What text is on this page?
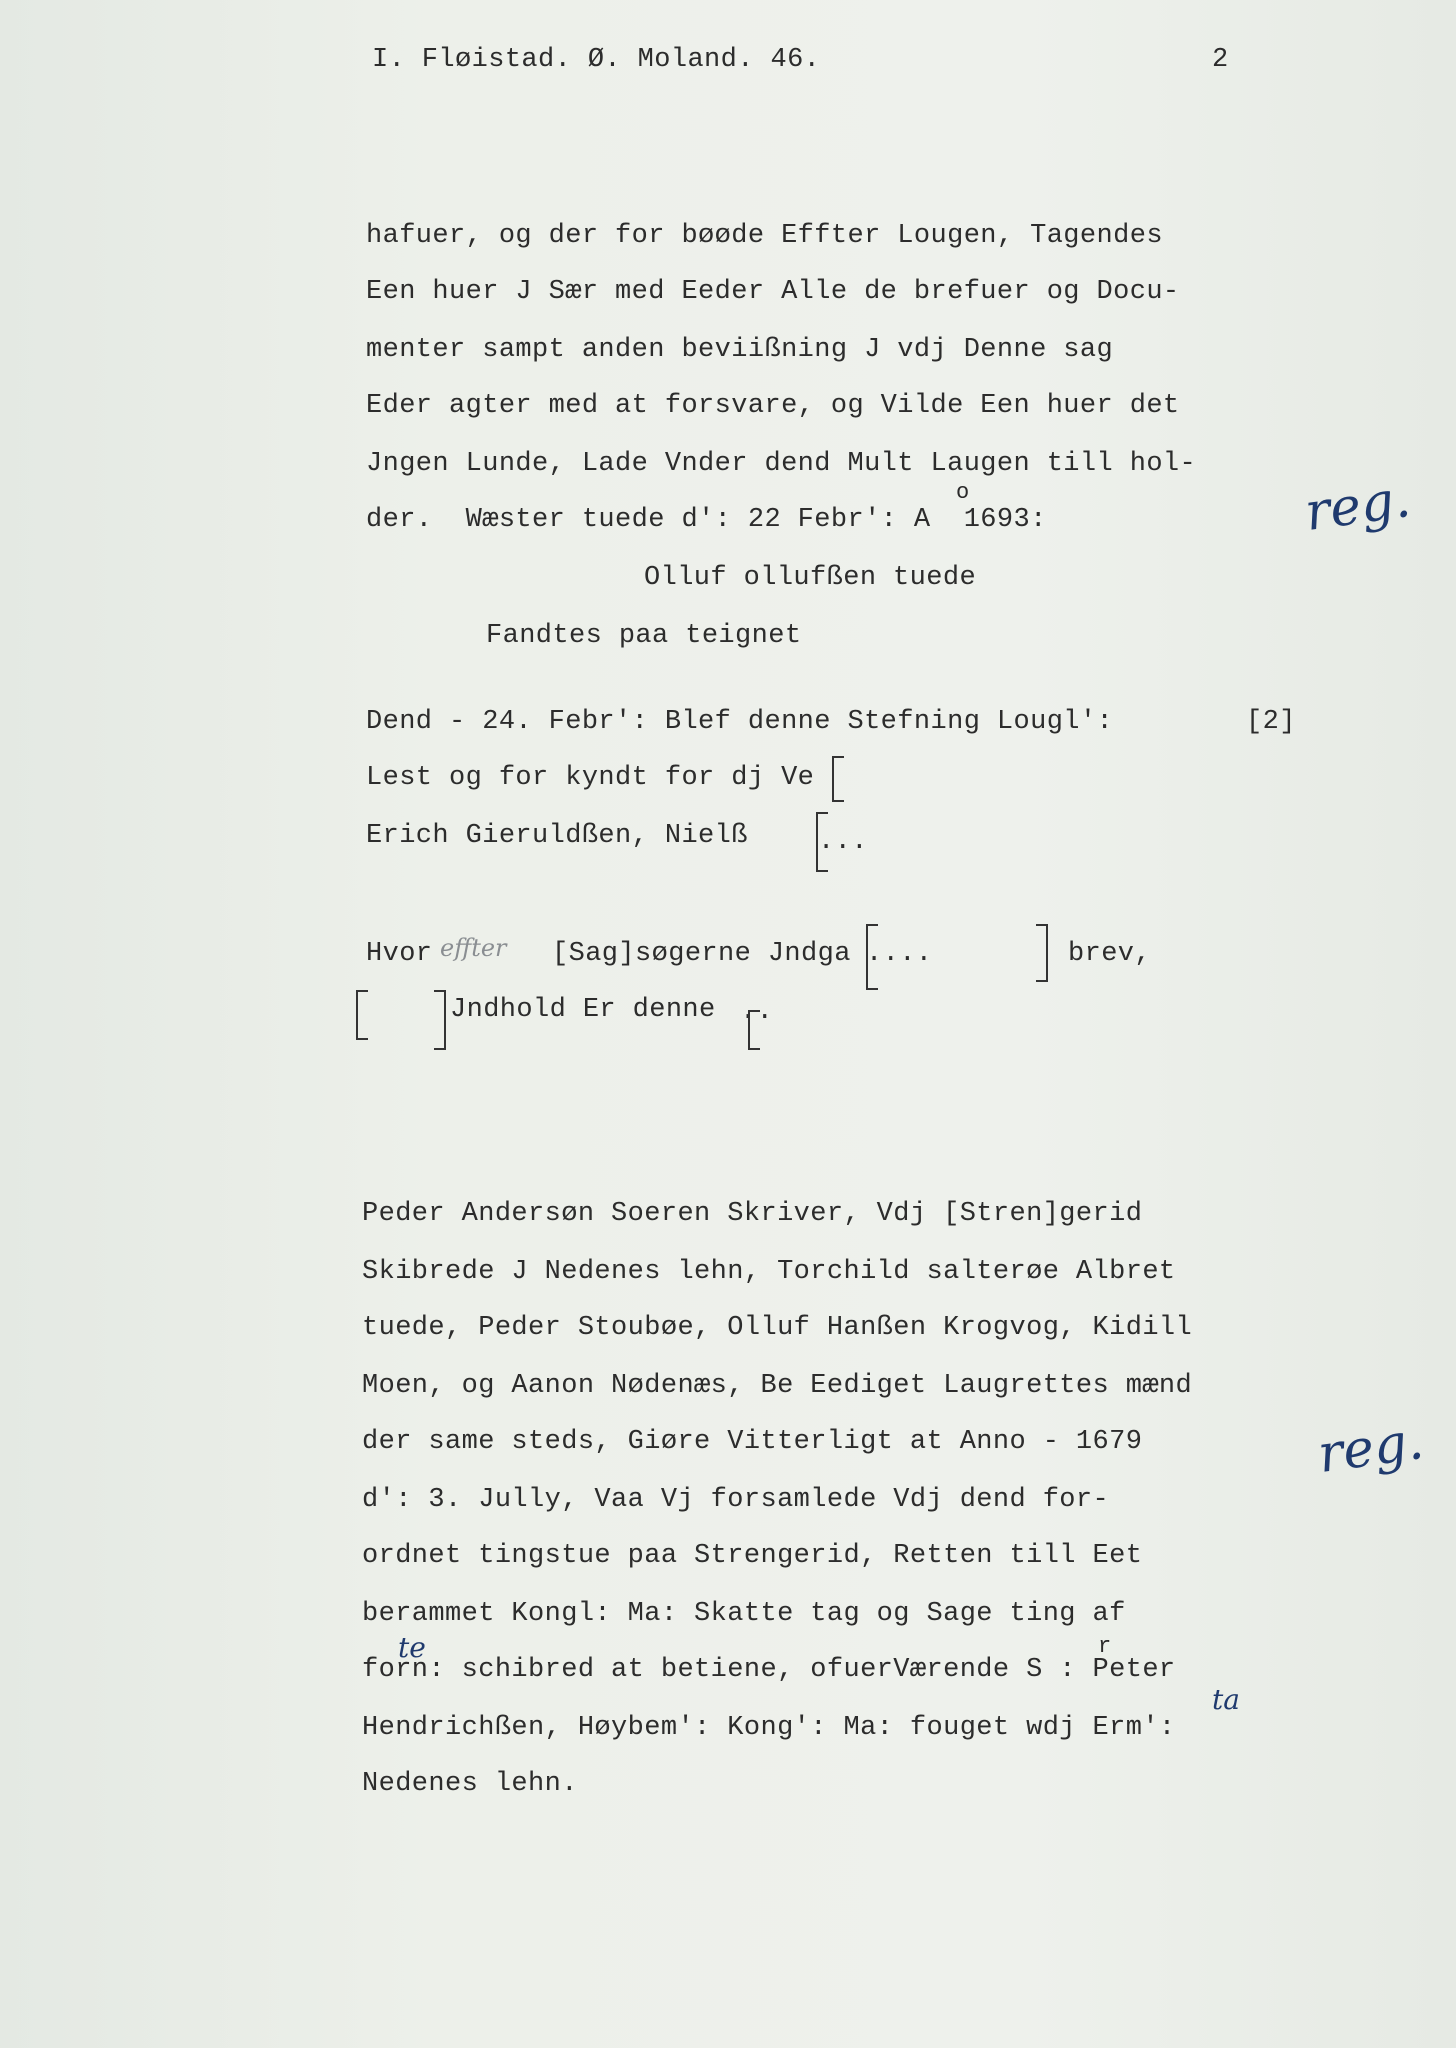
I. Fløistad. Ø. Moland. 46.	2
hafuer, og der for bøøde Effter Lougen, Tagendes
Een huer J Sær med Eeder Alle de brefuer og Docu-
menter sampt anden beviißning J vdj Denne sag
Eder agter med at forsvare, og Vilde Een huer det
Jngen Lunde, Lade Vnder dend Mult Laugen till hol-
der.  Wæster tuede d': 22 Febr': A  1693:
o
Olluf ollufßen tuede
Fandtes paa teignet
reg.
Dend - 24. Febr': Blef denne Stefning Lougl':	[2]
Lest og for kyndt for dj Ve
Erich Gieruldßen, Nielß	...
Hvor effter [Sag]søgerne Jndga ....	brev,
Jndhold Er denne ..
Peder Andersøn Soeren Skriver, Vdj [Stren]gerid
Skibrede J Nedenes lehn, Torchild salterøe Albret
tuede, Peder Stoubøe, Olluf Hanßen Krogvog, Kidill
Moen, og Aanon Nødenæs, Be Eediget Laugrettes mænd
der same steds, Giøre Vitterligt at Anno - 1679
d': 3. Jully, Vaa Vj forsamlede Vdj dend for-
ordnet tingstue paa Strengerid, Retten till Eet
berammet Kongl: Ma: Skatte tag og Sage ting af
forn: schibred at betiene, ofuerVærende S : Peter
Hendrichßen, Høybem': Kong': Ma: fouget wdj Erm':
Nedenes lehn.
r
te
ta
reg.
